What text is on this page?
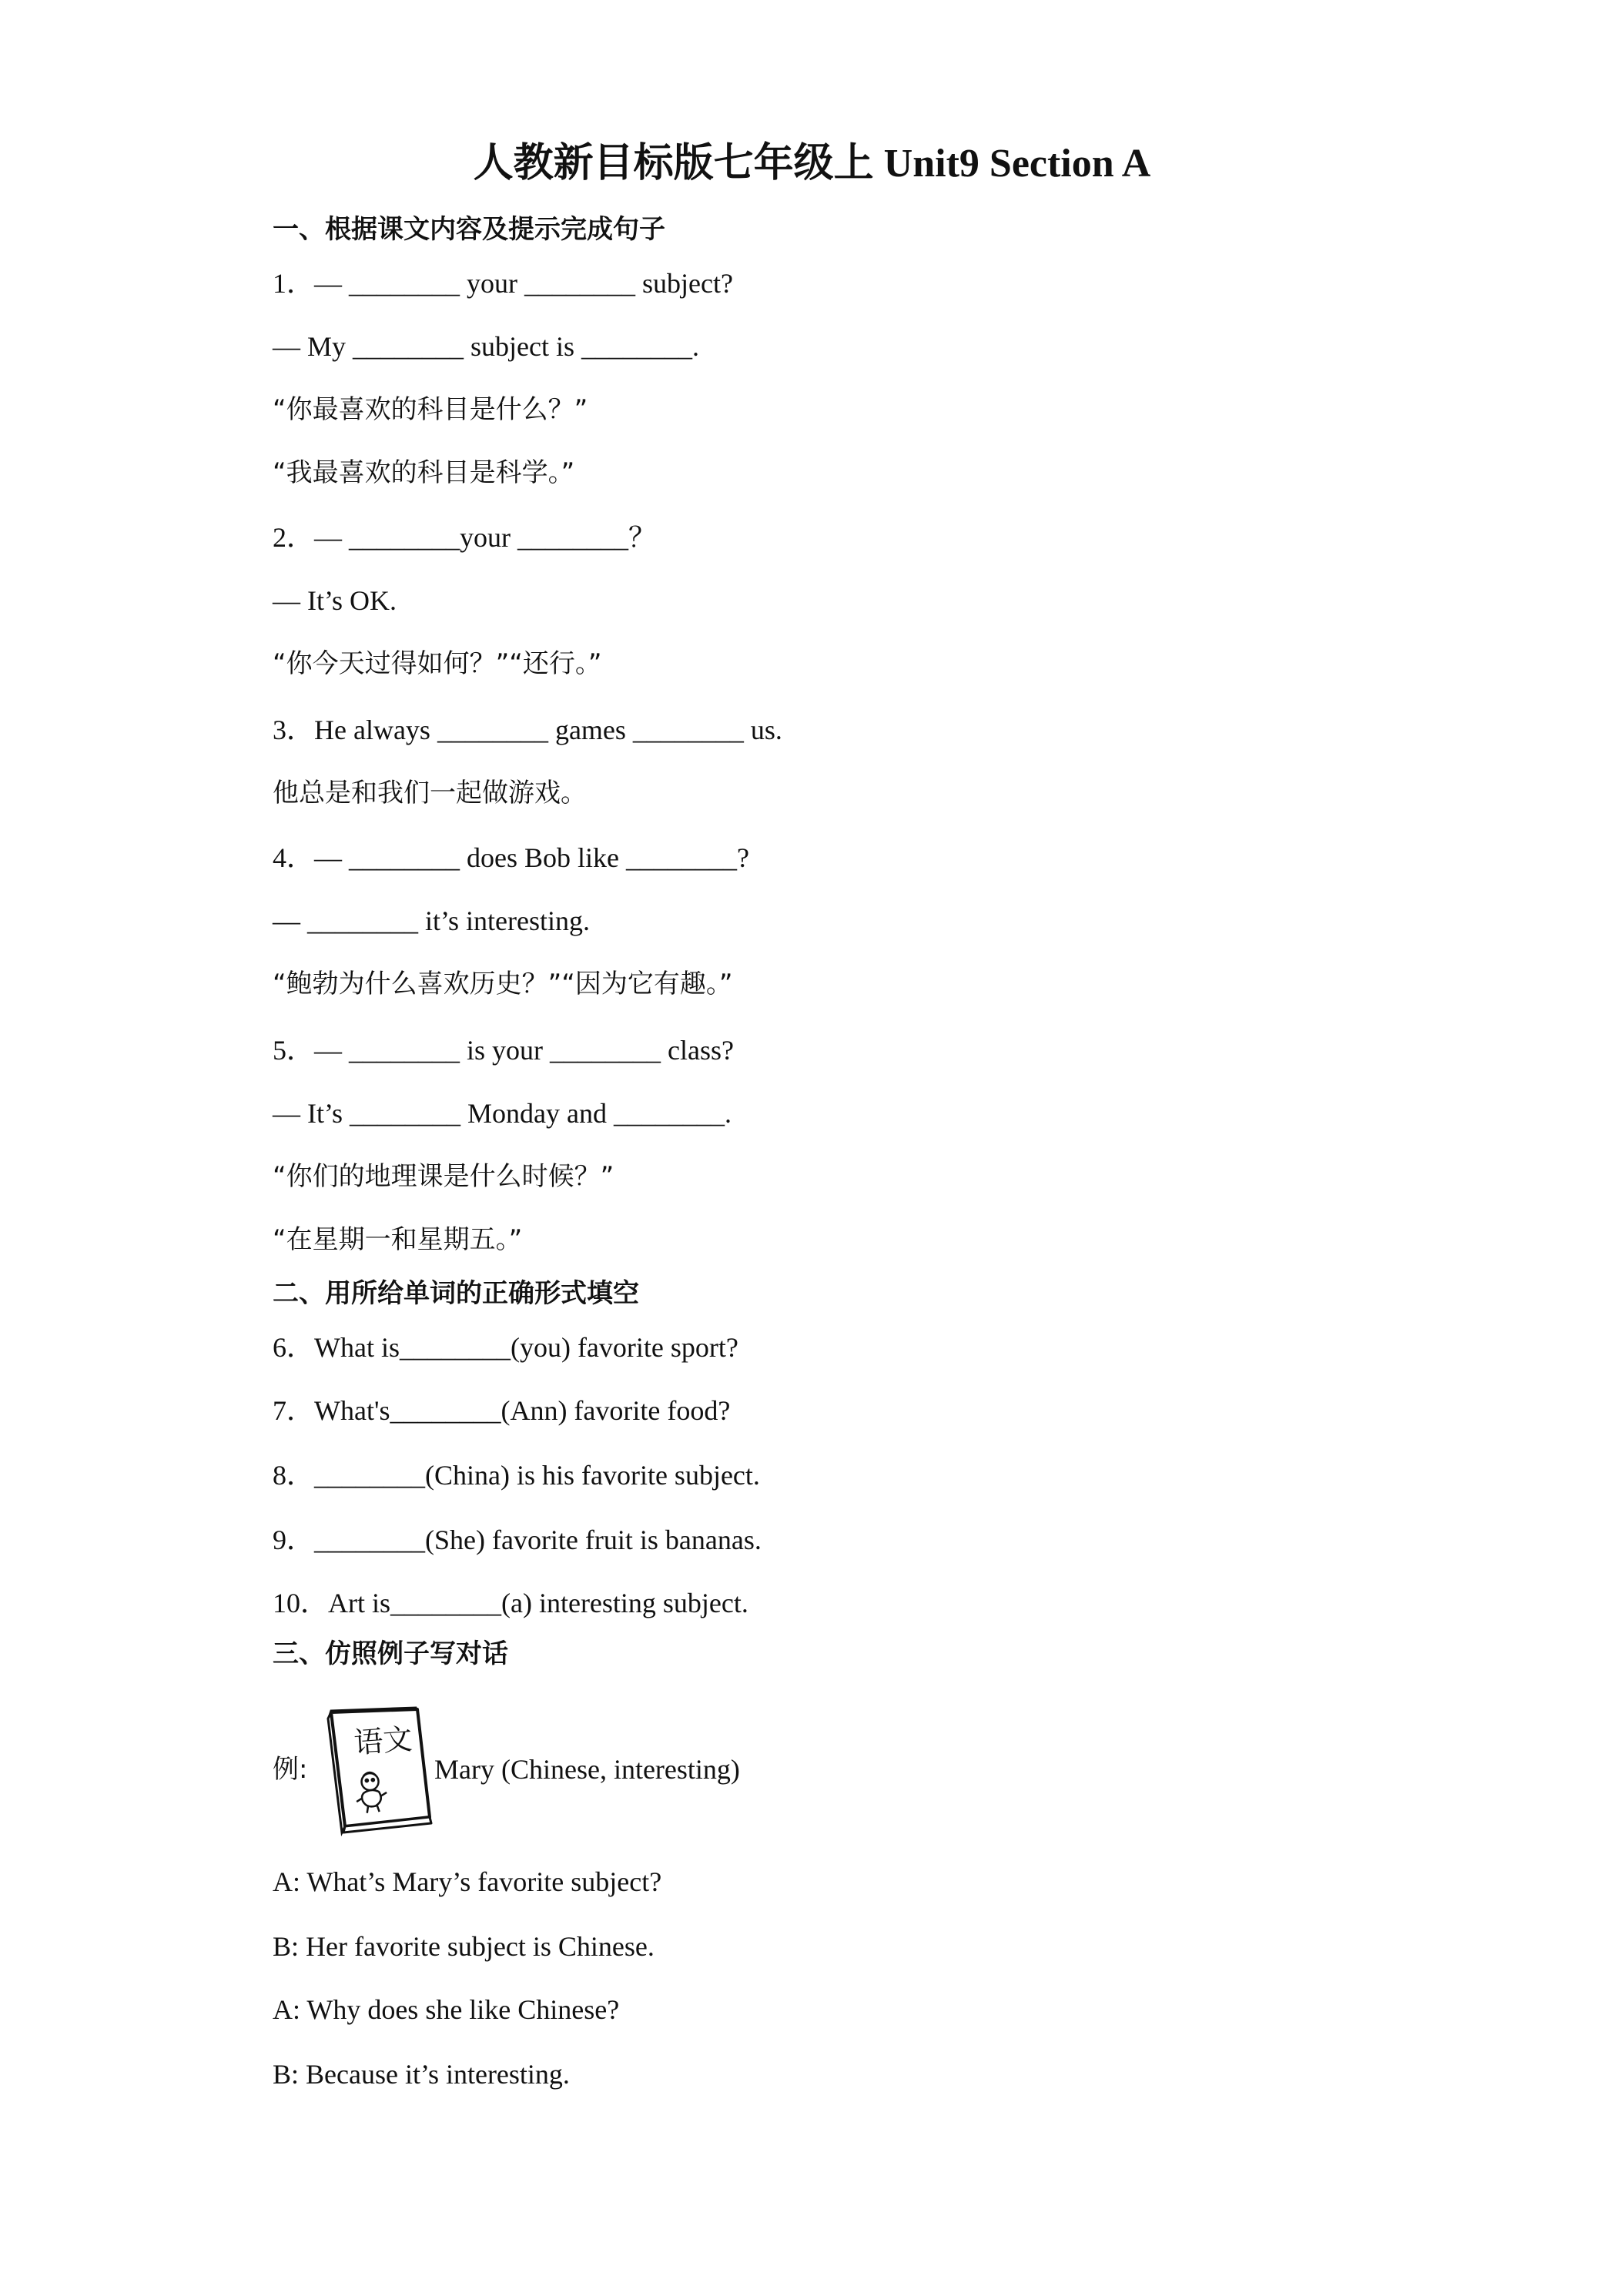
人教新目标版七年级上 Unit9 Section A
一、根据课文内容及提示完成句子
1．— ________ your ________ subject?
— My ________ subject is ________.
“你最喜欢的科目是什么？”
“我最喜欢的科目是科学。”
2．— ________your ________？
— It’s OK.
“你今天过得如何？”“还行。”
3．He always ________ games ________ us.
他总是和我们一起做游戏。
4．— ________ does Bob like ________?
— ________ it’s interesting.
“鲍勃为什么喜欢历史？”“因为它有趣。”
5．— ________ is your ________ class?
— It’s ________ Monday and ________.
“你们的地理课是什么时候？”
“在星期一和星期五。”
二、用所给单词的正确形式填空
6．What is________(you) favorite sport?
7．What's________(Ann) favorite food?
8．________(China) is his favorite subject.
9．________(She) favorite fruit is bananas.
10．Art is________(a) interesting subject.
三、仿照例子写对话
例:
语文
Mary (Chinese, interesting)
A: What’s Mary’s favorite subject?
B: Her favorite subject is Chinese.
A: Why does she like Chinese?
B: Because it’s interesting.
